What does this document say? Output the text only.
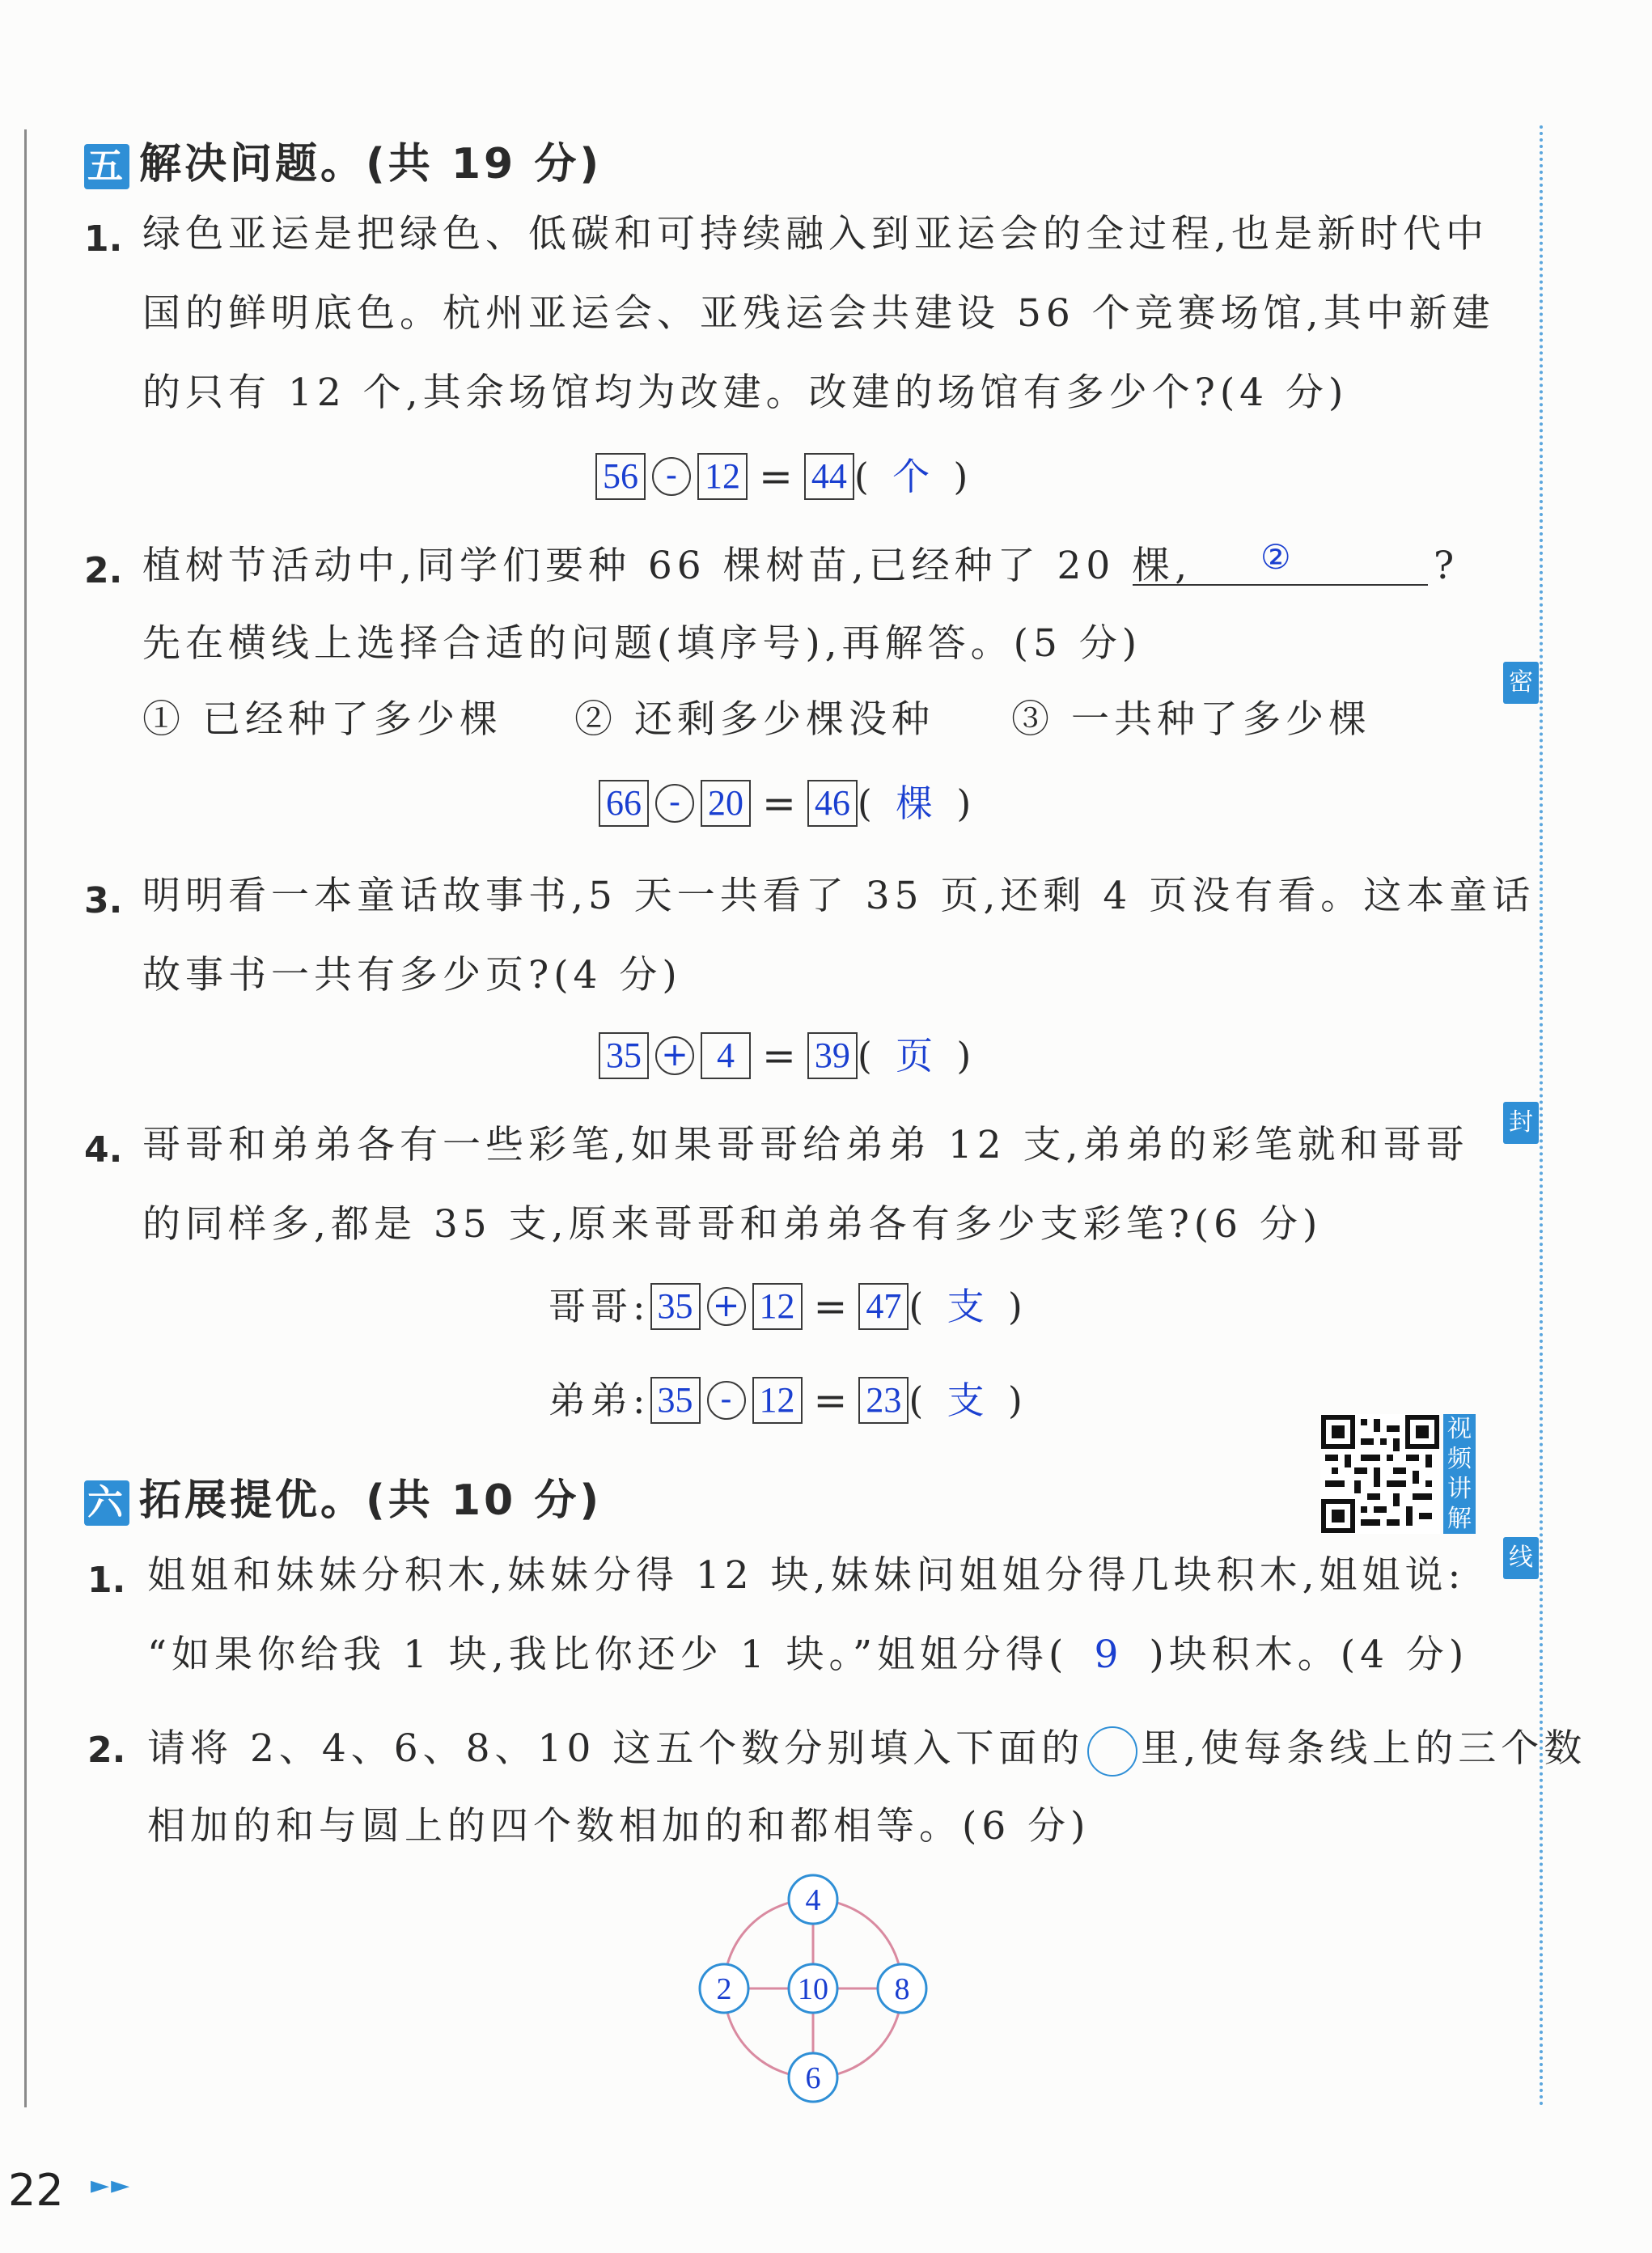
密
封
线
五 解决问题。(共 19 分)
1. 绿色亚运是把绿色、低碳和可持续融入到亚运会的全过程,也是新时代中
国的鲜明底色。杭州亚运会、亚残运会共建设 56 个竞赛场馆,其中新建
的只有 12 个,其余场馆均为改建。改建的场馆有多少个?(4 分)
56 - 12 = 44 ( 个 )
2. 植树节活动中,同学们要种 66 棵树苗,已经种了 20 棵, ②	?
先在横线上选择合适的问题(填序号),再解答。(5 分)
① 已经种了多少棵 ② 还剩多少棵没种 ③ 一共种了多少棵
66 - 20 = 46 ( 棵 )
3. 明明看一本童话故事书,5 天一共看了 35 页,还剩 4 页没有看。这本童话
故事书一共有多少页?(4 分)
35 + 4 = 39 ( 页 )
4. 哥哥和弟弟各有一些彩笔,如果哥哥给弟弟 12 支,弟弟的彩笔就和哥哥
的同样多,都是 35 支,原来哥哥和弟弟各有多少支彩笔?(6 分)
哥哥: 35 + 12 = 47 ( 支 )
弟弟: 35 - 12 = 23 ( 支 )
视频讲解
六 拓展提优。(共 10 分)
1. 姐姐和妹妹分积木,妹妹分得 12 块,妹妹问姐姐分得几块积木,姐姐说:
“如果你给我 1 块,我比你还少 1 块。”姐姐分得( 9 )块积木。(4 分)
2. 请将 2、4、6、8、10 这五个数分别填入下面的 里,使每条线上的三个数
相加的和与圆上的四个数相加的和都相等。(6 分)
4
2 10 8
6
22 ►►
